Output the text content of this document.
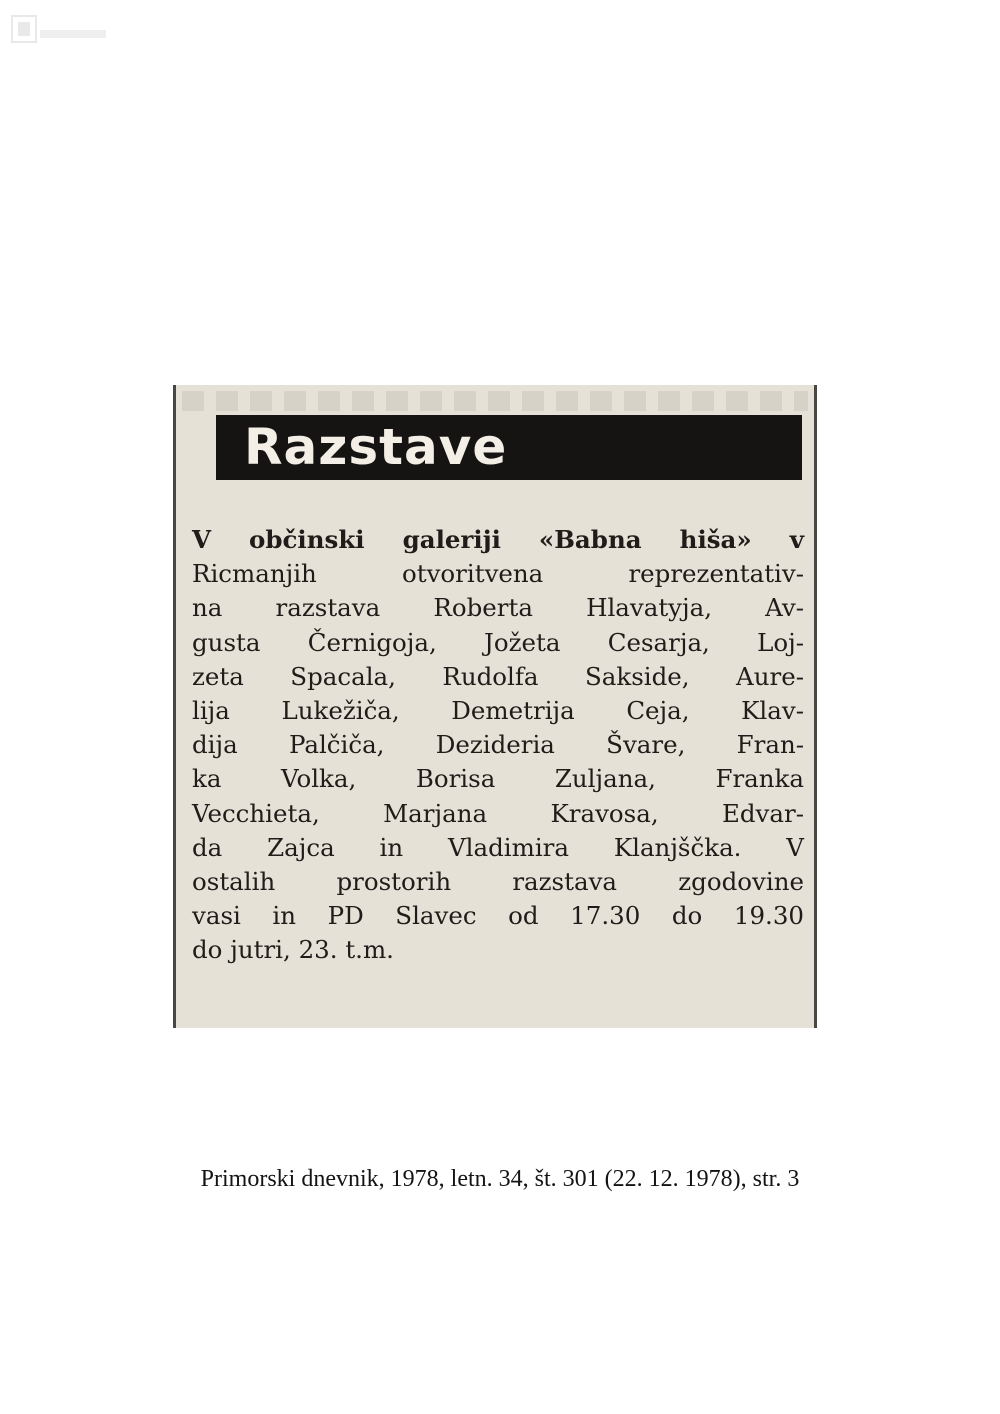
Razstave

V občinski galeriji «Babna hiša» v
Ricmanjih otvoritvena reprezentativ-
na razstava Roberta Hlavatyja, Av-
gusta Černigoja, Jožeta Cesarja, Loj-
zeta Spacala, Rudolfa Sakside, Aure-
lija Lukežiča, Demetrija Ceja, Klav-
dija Palčiča, Dezideria Švare, Fran-
ka Volka, Borisa Zuljana, Franka
Vecchieta, Marjana Kravosa, Edvar-
da Zajca in Vladimira Klanjščka. V
ostalih prostorih razstava zgodovine
vasi in PD Slavec od 17.30 do 19.30
do jutri, 23. t.m.

Primorski dnevnik, 1978, letn. 34, št. 301 (22. 12. 1978), str. 3
